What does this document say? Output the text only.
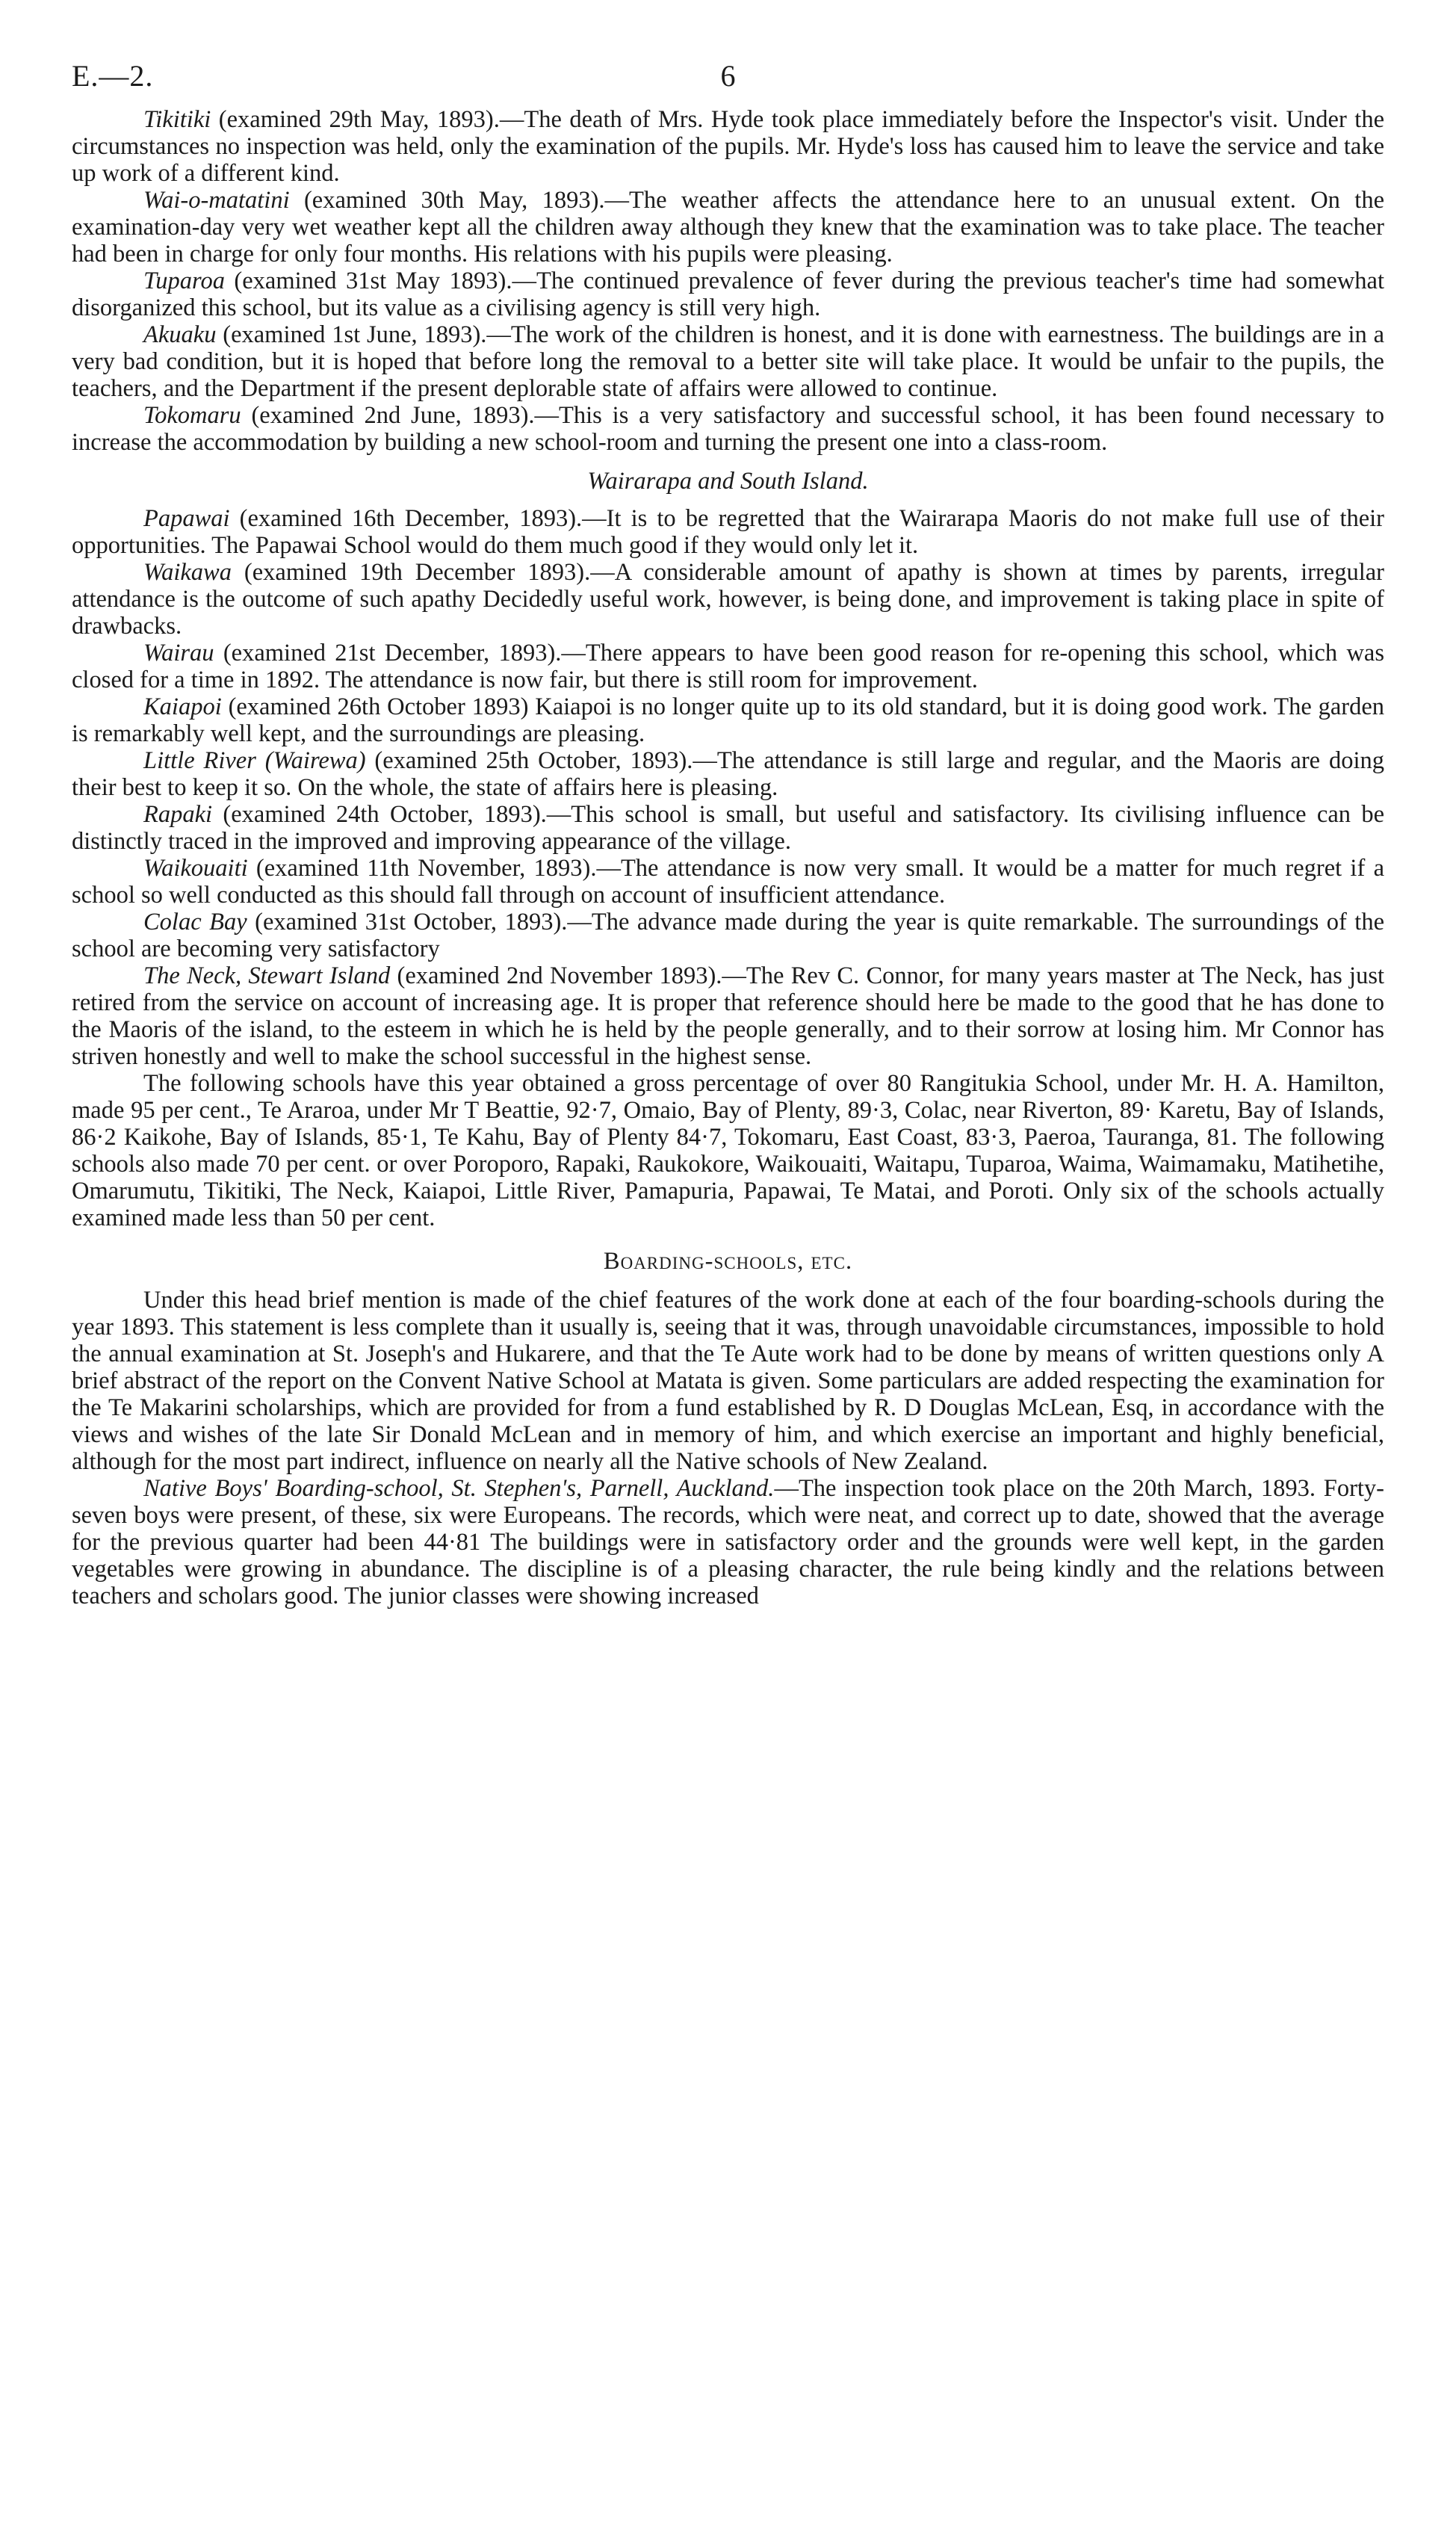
E.—2.	6

Tikitiki (examined 29th May, 1893).—The death of Mrs. Hyde took place immediately before the Inspector's visit. Under the circumstances no inspection was held, only the examination of the pupils. Mr. Hyde's loss has caused him to leave the service and take up work of a different kind.

Wai-o-matatini (examined 30th May, 1893).—The weather affects the attendance here to an unusual extent. On the examination-day very wet weather kept all the children away although they knew that the examination was to take place. The teacher had been in charge for only four months. His relations with his pupils were pleasing.

Tuparoa (examined 31st May 1893).—The continued prevalence of fever during the previous teacher's time had somewhat disorganized this school, but its value as a civilising agency is still very high.

Akuaku (examined 1st June, 1893).—The work of the children is honest, and it is done with earnestness. The buildings are in a very bad condition, but it is hoped that before long the removal to a better site will take place. It would be unfair to the pupils, the teachers, and the Department if the present deplorable state of affairs were allowed to continue.

Tokomaru (examined 2nd June, 1893).—This is a very satisfactory and successful school, it has been found necessary to increase the accommodation by building a new school-room and turning the present one into a class-room.

Wairarapa and South Island.

Papawai (examined 16th December, 1893).—It is to be regretted that the Wairarapa Maoris do not make full use of their opportunities. The Papawai School would do them much good if they would only let it.

Waikawa (examined 19th December 1893).—A considerable amount of apathy is shown at times by parents, irregular attendance is the outcome of such apathy Decidedly useful work, however, is being done, and improvement is taking place in spite of drawbacks.

Wairau (examined 21st December, 1893).—There appears to have been good reason for re-opening this school, which was closed for a time in 1892. The attendance is now fair, but there is still room for improvement.

Kaiapoi (examined 26th October 1893) Kaiapoi is no longer quite up to its old standard, but it is doing good work. The garden is remarkably well kept, and the surroundings are pleasing.

Little River (Wairewa) (examined 25th October, 1893).—The attendance is still large and regular, and the Maoris are doing their best to keep it so. On the whole, the state of affairs here is pleasing.

Rapaki (examined 24th October, 1893).—This school is small, but useful and satisfactory. Its civilising influence can be distinctly traced in the improved and improving appearance of the village.

Waikouaiti (examined 11th November, 1893).—The attendance is now very small. It would be a matter for much regret if a school so well conducted as this should fall through on account of insufficient attendance.

Colac Bay (examined 31st October, 1893).—The advance made during the year is quite remarkable. The surroundings of the school are becoming very satisfactory

The Neck, Stewart Island (examined 2nd November 1893).—The Rev C. Connor, for many years master at The Neck, has just retired from the service on account of increasing age. It is proper that reference should here be made to the good that he has done to the Maoris of the island, to the esteem in which he is held by the people generally, and to their sorrow at losing him. Mr Connor has striven honestly and well to make the school successful in the highest sense.

The following schools have this year obtained a gross percentage of over 80 Rangitukia School, under Mr. H. A. Hamilton, made 95 per cent., Te Araroa, under Mr T Beattie, 92·7, Omaio, Bay of Plenty, 89·3, Colac, near Riverton, 89· Karetu, Bay of Islands, 86·2 Kaikohe, Bay of Islands, 85·1, Te Kahu, Bay of Plenty 84·7, Tokomaru, East Coast, 83·3, Paeroa, Tauranga, 81. The following schools also made 70 per cent. or over Poroporo, Rapaki, Raukokore, Waikouaiti, Waitapu, Tuparoa, Waima, Waimamaku, Matihetihe, Omarumutu, Tikitiki, The Neck, Kaiapoi, Little River, Pamapuria, Papawai, Te Matai, and Poroti. Only six of the schools actually examined made less than 50 per cent.

Boarding-schools, etc.

Under this head brief mention is made of the chief features of the work done at each of the four boarding-schools during the year 1893. This statement is less complete than it usually is, seeing that it was, through unavoidable circumstances, impossible to hold the annual examination at St. Joseph's and Hukarere, and that the Te Aute work had to be done by means of written questions only A brief abstract of the report on the Convent Native School at Matata is given. Some particulars are added respecting the examination for the Te Makarini scholarships, which are provided for from a fund established by R. D Douglas McLean, Esq, in accordance with the views and wishes of the late Sir Donald McLean and in memory of him, and which exercise an important and highly beneficial, although for the most part indirect, influence on nearly all the Native schools of New Zealand.

Native Boys' Boarding-school, St. Stephen's, Parnell, Auckland.—The inspection took place on the 20th March, 1893. Forty-seven boys were present, of these, six were Europeans. The records, which were neat, and correct up to date, showed that the average for the previous quarter had been 44·81 The buildings were in satisfactory order and the grounds were well kept, in the garden vegetables were growing in abundance. The discipline is of a pleasing character, the rule being kindly and the relations between teachers and scholars good. The junior classes were showing increased
